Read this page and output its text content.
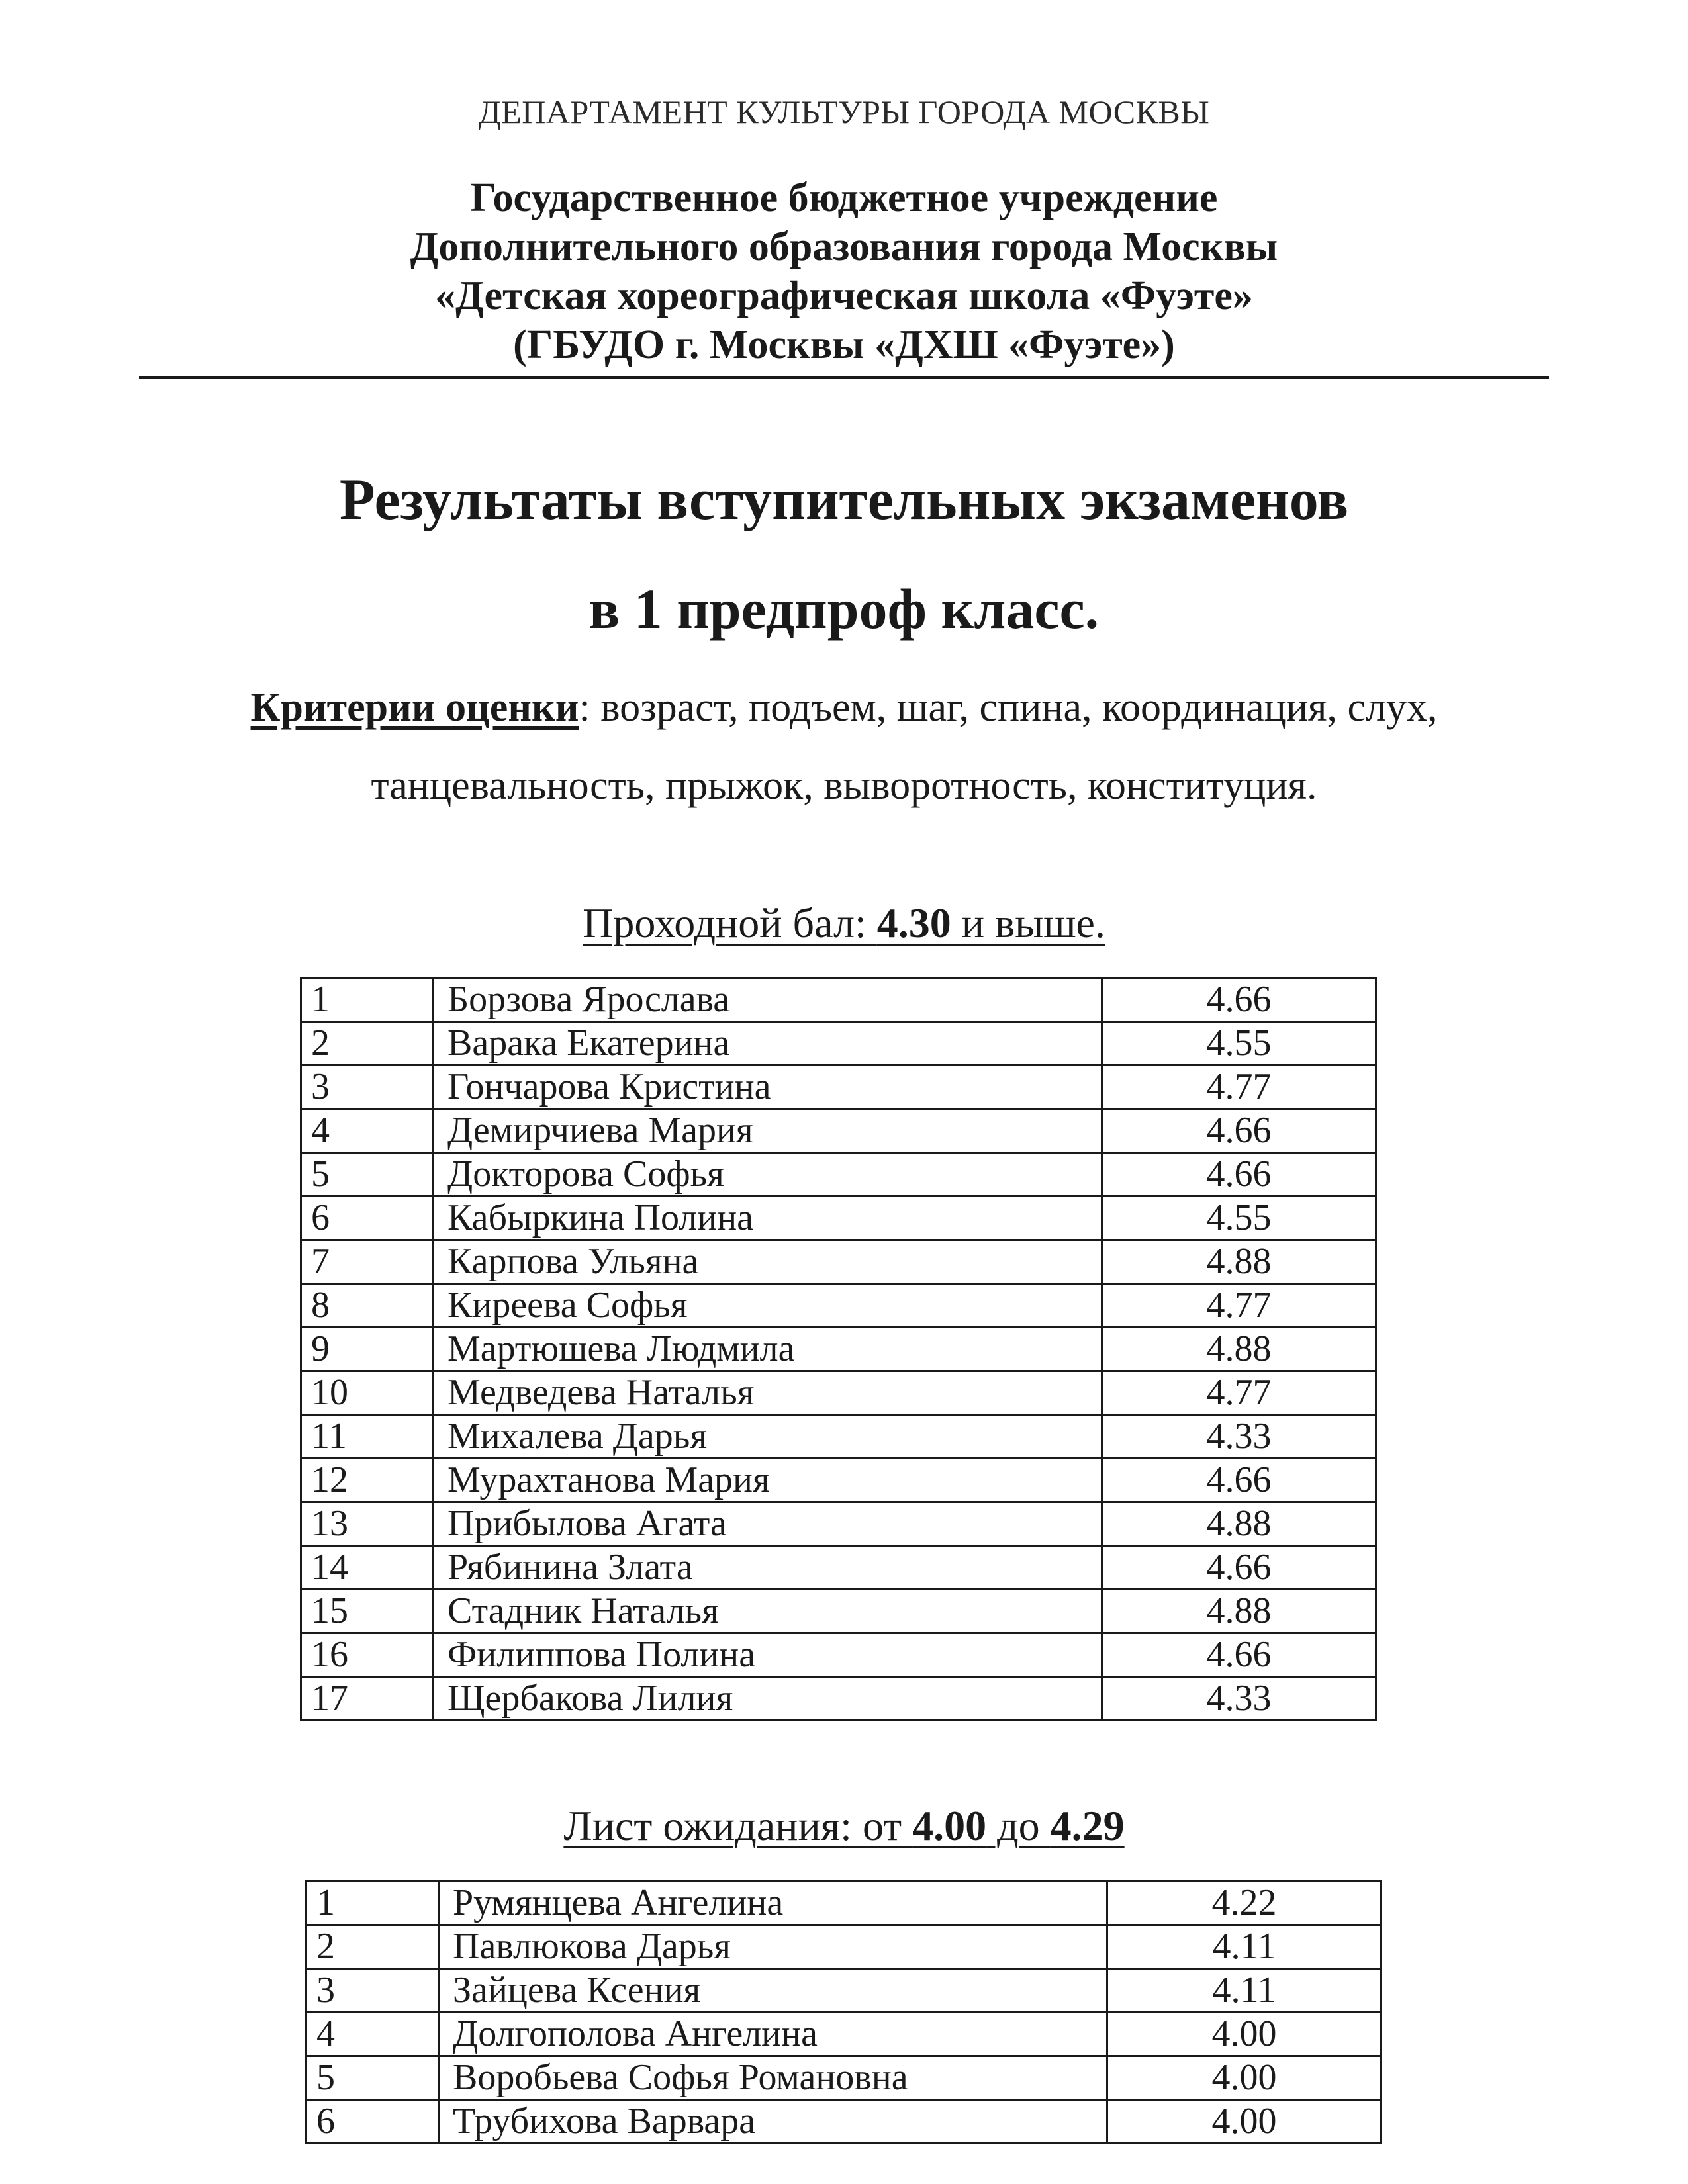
ДЕПАРТАМЕНТ КУЛЬТУРЫ ГОРОДА МОСКВЫ
Государственное бюджетное учреждение
Дополнительного образования города Москвы
«Детская хореографическая школа «Фуэте»
(ГБУДО г. Москвы «ДХШ «Фуэте»)
Результаты вступительных экзаменов
в 1 предпроф класс.
Критерии оценки: возраст, подъем, шаг, спина, координация, слух,
танцевальность, прыжок, выворотность, конституция.
Проходной бал: 4.30 и выше.
1	Борзова Ярослава	4.66
2	Варака Екатерина	4.55
3	Гончарова Кристина	4.77
4	Демирчиева Мария	4.66
5	Докторова Софья	4.66
6	Кабыркина Полина	4.55
7	Карпова Ульяна	4.88
8	Киреева Софья	4.77
9	Мартюшева Людмила	4.88
10	Медведева Наталья	4.77
11	Михалева Дарья	4.33
12	Мурахтанова Мария	4.66
13	Прибылова Агата	4.88
14	Рябинина Злата	4.66
15	Стадник Наталья	4.88
16	Филиппова Полина	4.66
17	Щербакова Лилия	4.33
Лист ожидания: от 4.00 до 4.29
1	Румянцева Ангелина	4.22
2	Павлюкова Дарья	4.11
3	Зайцева Ксения	4.11
4	Долгополова Ангелина	4.00
5	Воробьева Софья Романовна	4.00
6	Трубихова Варвара	4.00
